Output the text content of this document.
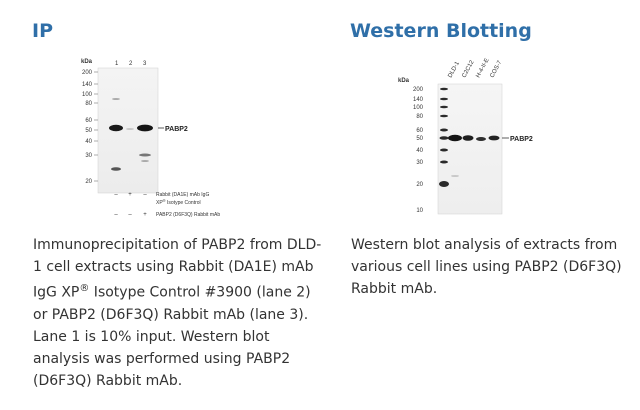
IP
kDa	1 2 3
200
140
100
80
60
50
40
30
20
PABP2
– + –
– – +
Rabbit (DA1E) mAb IgG
XP® Isotype Control
PABP2 (D6F3Q) Rabbit mAb

Immunoprecipitation of PABP2 from DLD-1 cell extracts using Rabbit (DA1E) mAb IgG XP® Isotype Control #3900 (lane 2) or PABP2 (D6F3Q) Rabbit mAb (lane 3). Lane 1 is 10% input. Western blot analysis was performed using PABP2 (D6F3Q) Rabbit mAb.

Western Blotting
kDa
DLD-1 C2C12 H-4-II-E
COS-7
200
140
100
80
60
50
40
30
20
10
PABP2

Western blot analysis of extracts from various cell lines using PABP2 (D6F3Q) Rabbit mAb.
